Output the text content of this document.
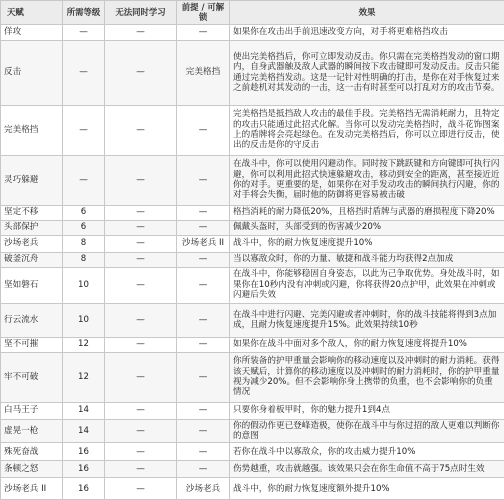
天赋	所需等级	无法同时学习	前提 / 可解锁	效果
佯攻	—	—	—	如果你在攻击出手前迅速改变方向，对手将更难格挡攻击
反击	—	—	完美格挡	使出完美格挡后，你可立即发动反击。你只需在完美格挡发动的窗口期内，自身武器触及敌人武器的瞬间按下攻击键即可发动反击。反击只能通过完美格挡发动。这是一记针对性明确的打击，是你在对手恢复过来之前趁机对其发动的一击，这一击有时甚至可以打乱对方的攻击节奏。
完美格挡	—	—	—	完美格挡是抵挡敌人攻击的最佳手段。完美格挡无需消耗耐力，且特定的攻击只能通过此招式化解。当你可以发动完美格挡时，战斗花饰图案上的盾牌将会亮起绿色。在发动完美格挡后，你可以立即进行反击，使出的反击是你的守反击
灵巧躲避	—	—	—	在战斗中，你可以使用闪避动作。同时按下跳跃键和方向键即可执行闪避，你可以利用此招式快速躲避攻击，移动到安全的距离，甚至接近近你的对手。更重要的是，如果你在对手发动攻击的瞬间执行闪避，你的对手将会失衡，届时他的防御将更容易被击破
坚定不移	6	—	—	格挡消耗的耐力降低20%，且格挡时盾牌与武器的磨损程度下降20%
头部保护	6	—	—	佩戴头盔时，头部受到的伤害减少20%
沙场老兵	8	—	沙场老兵 II	战斗中，你的耐力恢复速度提升10%
破釜沉舟	8	—	—	当以寡敌众时，你的力量、敏捷和战斗能力均获得2点加成
坚如磐石	10	—	—	在战斗中，你能够稳固自身姿态，以此为己争取优势。身处战斗时，如果你在10秒内没有冲刺或闪避，你将获得20点护甲，此效果在冲刺或闪避后失效
行云流水	10	—	—	在战斗中进行闪避、完美闪避或者冲刺时，你的战斗技能将得到3点加成，且耐力恢复速度提升15%。此效果持续10秒
坚不可摧	12	—	—	如果你在战斗中面对多个敌人，你的耐力恢复速度将提升10%
牢不可破	12	—	—	你所装备的护甲重量会影响你的移动速度以及冲刺时的耐力消耗。获得该天赋后，计算你的移动速度以及冲刺时的耐力消耗时，你的护甲重量视为减少20%。但不会影响你身上携带的负重，也不会影响你的负重情况
白马王子	14	—	—	只要你身着板甲时，你的魅力提升1到4点
虚晃一枪	14	—	—	你的假动作更已登峰造极，使你在战斗中与你过招的敌人更难以判断你的意图
殊死奋战	16	—	—	若你在战斗中以寡敌众，你的攻击威力提升10%
条顿之怒	16	—	—	伤势越重，攻击就越强。该效果只会在你生命值不高于75点时生效
沙场老兵 II	16	—	沙场老兵	战斗中，你的耐力恢复速度额外提升10%
